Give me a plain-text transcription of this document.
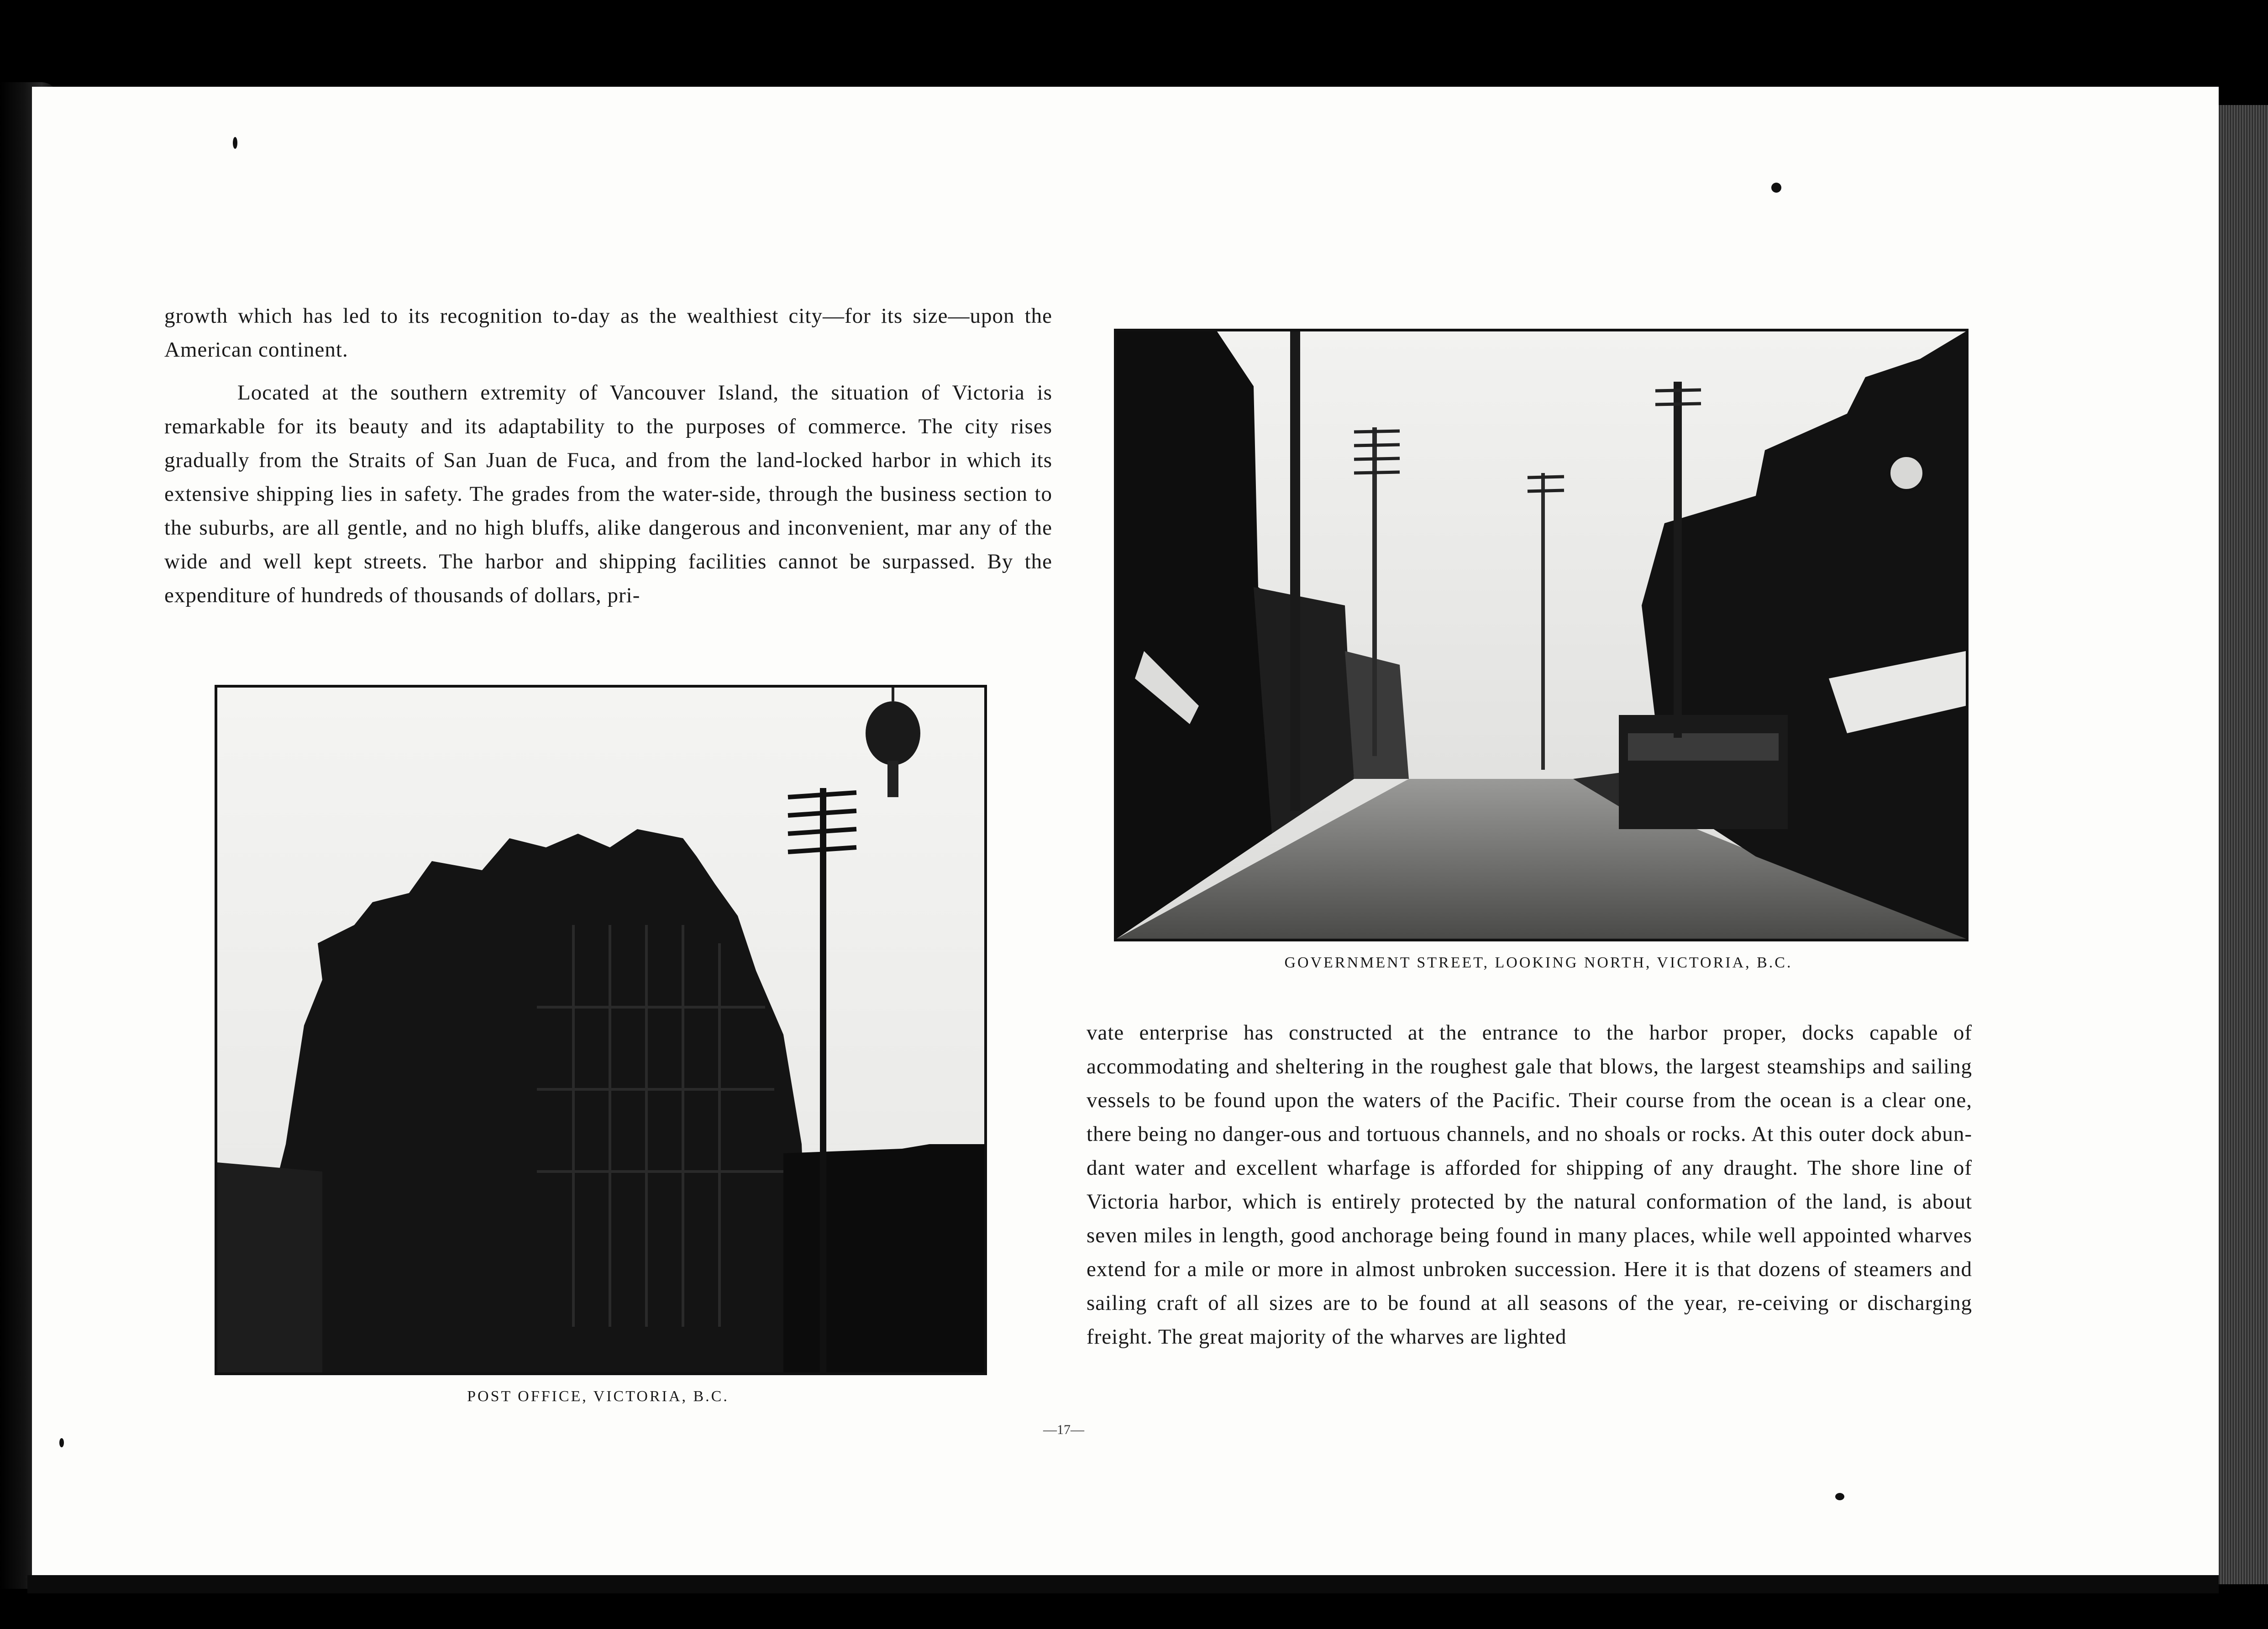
growth which has led to its recognition to-day as the wealthiest city—for its size—upon the American continent.

Located at the southern extremity of Vancouver Island, the situation of Victoria is remarkable for its beauty and its adaptability to the purposes of commerce. The city rises gradually from the Straits of San Juan de Fuca, and from the land-locked harbor in which its extensive shipping lies in safety. The grades from the water-side, through the business section to the suburbs, are all gentle, and no high bluffs, alike dangerous and inconvenient, mar any of the wide and well kept streets. The harbor and shipping facilities cannot be surpassed. By the expenditure of hundreds of thousands of dollars, pri-

POST OFFICE, VICTORIA, B.C.
GOVERNMENT STREET, LOOKING NORTH, VICTORIA, B.C.

vate enterprise has constructed at the entrance to the harbor proper, docks capable of accommodating and sheltering in the roughest gale that blows, the largest steamships and sailing vessels to be found upon the waters of the Pacific. Their course from the ocean is a clear one, there being no danger-ous and tortuous channels, and no shoals or rocks. At this outer dock abun-dant water and excellent wharfage is afforded for shipping of any draught. The shore line of Victoria harbor, which is entirely protected by the natural conformation of the land, is about seven miles in length, good anchorage being found in many places, while well appointed wharves extend for a mile or more in almost unbroken succession. Here it is that dozens of steamers and sailing craft of all sizes are to be found at all seasons of the year, re-ceiving or discharging freight. The great majority of the wharves are lighted

—17—
